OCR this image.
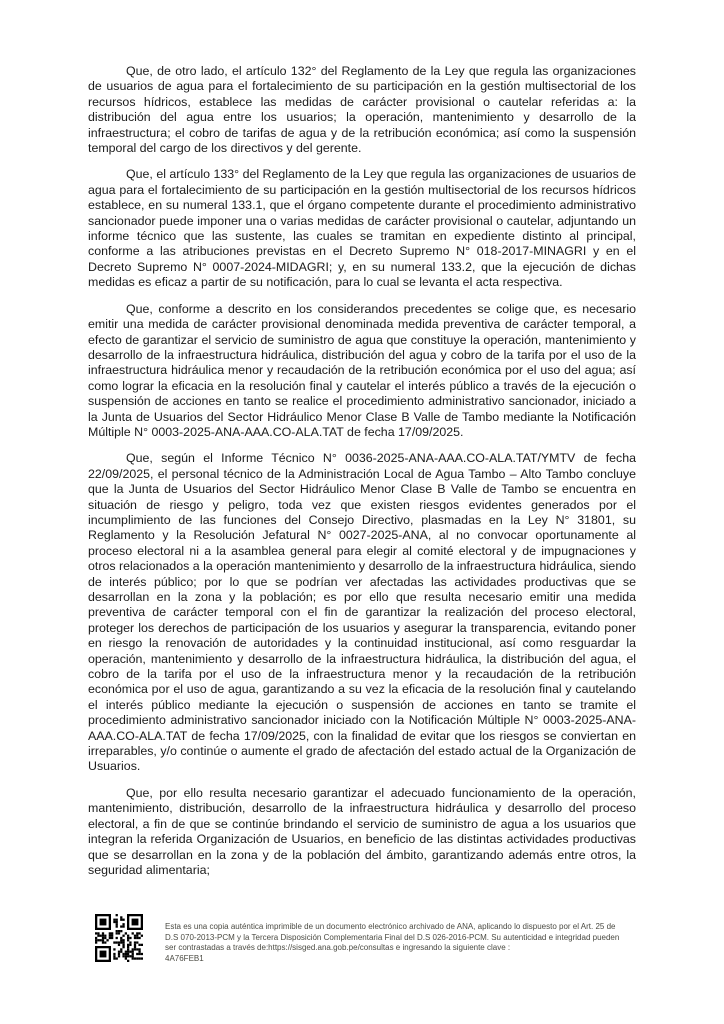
Que, de otro lado, el artículo 132° del Reglamento de la Ley que regula las organizaciones de usuarios de agua para el fortalecimiento de su participación en la gestión multisectorial de los recursos hídricos, establece las medidas de carácter provisional o cautelar referidas a: la distribución del agua entre los usuarios; la operación, mantenimiento y desarrollo de la infraestructura; el cobro de tarifas de agua y de la retribución económica; así como la suspensión temporal del cargo de los directivos y del gerente.

Que, el artículo 133° del Reglamento de la Ley que regula las organizaciones de usuarios de agua para el fortalecimiento de su participación en la gestión multisectorial de los recursos hídricos establece, en su numeral 133.1, que el órgano competente durante el procedimiento administrativo sancionador puede imponer una o varias medidas de carácter provisional o cautelar, adjuntando un informe técnico que las sustente, las cuales se tramitan en expediente distinto al principal, conforme a las atribuciones previstas en el Decreto Supremo N° 018-2017-MINAGRI y en el Decreto Supremo N° 0007-2024-MIDAGRI; y, en su numeral 133.2, que la ejecución de dichas medidas es eficaz a partir de su notificación, para lo cual se levanta el acta respectiva.

Que, conforme a descrito en los considerandos precedentes se colige que, es necesario emitir una medida de carácter provisional denominada medida preventiva de carácter temporal, a efecto de garantizar el servicio de suministro de agua que constituye la operación, mantenimiento y desarrollo de la infraestructura hidráulica, distribución del agua y cobro de la tarifa por el uso de la infraestructura hidráulica menor y recaudación de la retribución económica por el uso del agua; así como lograr la eficacia en la resolución final y cautelar el interés público a través de la ejecución o suspensión de acciones en tanto se realice el procedimiento administrativo sancionador, iniciado a la Junta de Usuarios del Sector Hidráulico Menor Clase B Valle de Tambo mediante la Notificación Múltiple N° 0003-2025-ANA-AAA.CO-ALA.TAT de fecha 17/09/2025.

Que, según el Informe Técnico N° 0036-2025-ANA-AAA.CO-ALA.TAT/YMTV de fecha 22/09/2025, el personal técnico de la Administración Local de Agua Tambo – Alto Tambo concluye que la Junta de Usuarios del Sector Hidráulico Menor Clase B Valle de Tambo se encuentra en situación de riesgo y peligro, toda vez que existen riesgos evidentes generados por el incumplimiento de las funciones del Consejo Directivo, plasmadas en la Ley N° 31801, su Reglamento y la Resolución Jefatural N° 0027-2025-ANA, al no convocar oportunamente al proceso electoral ni a la asamblea general para elegir al comité electoral y de impugnaciones y otros relacionados a la operación mantenimiento y desarrollo de la infraestructura hidráulica, siendo de interés público; por lo que se podrían ver afectadas las actividades productivas que se desarrollan en la zona y la población; es por ello que resulta necesario emitir una medida preventiva de carácter temporal con el fin de garantizar la realización del proceso electoral, proteger los derechos de participación de los usuarios y asegurar la transparencia, evitando poner en riesgo la renovación de autoridades y la continuidad institucional, así como resguardar la operación, mantenimiento y desarrollo de la infraestructura hidráulica, la distribución del agua, el cobro de la tarifa por el uso de la infraestructura menor y la recaudación de la retribución económica por el uso de agua, garantizando a su vez la eficacia de la resolución final y cautelando el interés público mediante la ejecución o suspensión de acciones en tanto se tramite el procedimiento administrativo sancionador iniciado con la Notificación Múltiple N° 0003-2025-ANA-AAA.CO-ALA.TAT de fecha 17/09/2025, con la finalidad de evitar que los riesgos se conviertan en irreparables, y/o continúe o aumente el grado de afectación del estado actual de la Organización de Usuarios.

Que, por ello resulta necesario garantizar el adecuado funcionamiento de la operación, mantenimiento, distribución, desarrollo de la infraestructura hidráulica y desarrollo del proceso electoral, a fin de que se continúe brindando el servicio de suministro de agua a los usuarios que integran la referida Organización de Usuarios, en beneficio de las distintas actividades productivas que se desarrollan en la zona y de la población del ámbito, garantizando además entre otros, la seguridad alimentaria;

Esta es una copia auténtica imprimible de un documento electrónico archivado de ANA, aplicando lo dispuesto por el Art. 25 de D.S 070-2013-PCM y la Tercera Disposición Complementaria Final del D.S 026-2016-PCM. Su autenticidad e integridad pueden ser contrastadas a través de:https://sisged.ana.gob.pe/consultas e ingresando la siguiente clave :
4A76FEB1
